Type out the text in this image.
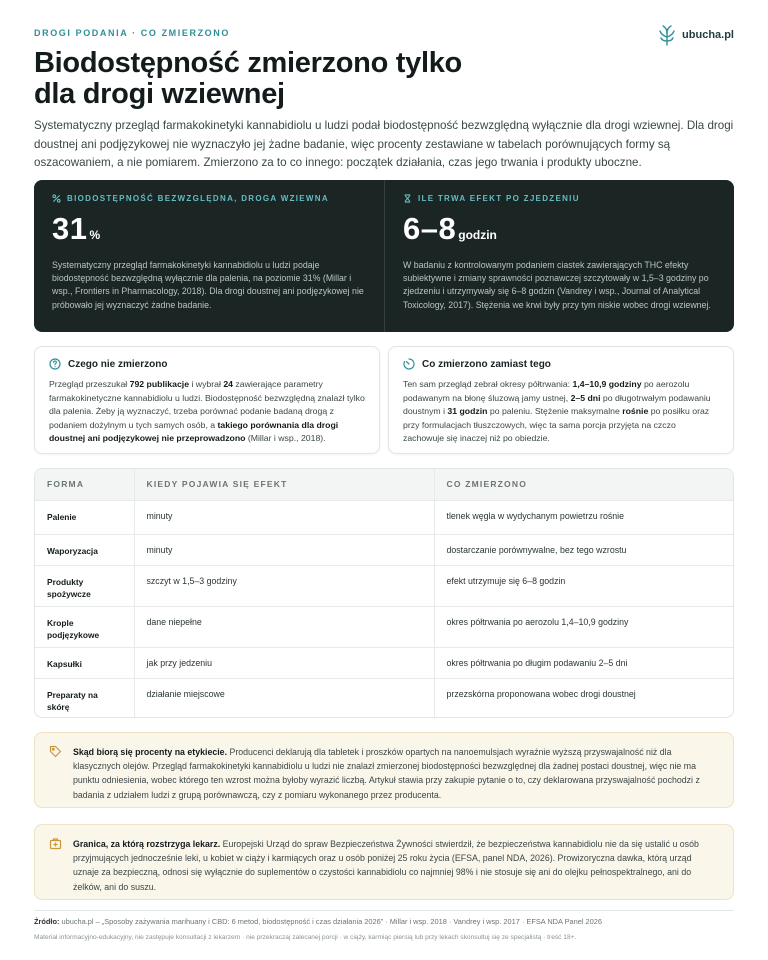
DROGI PODANIA · CO ZMIERZONO	ubucha.pl
Biodostępność zmierzono tylko dla drogi wziewnej

Systematyczny przegląd farmakokinetyki kannabidiolu u ludzi podał biodostępność bezwzględną wyłącznie dla drogi wziewnej. Dla drogi doustnej ani podjęzykowej nie wyznaczyło jej żadne badanie, więc procenty zestawiane w tabelach porównujących formy są oszacowaniem, a nie pomiarem. Zmierzono za to co innego: początek działania, czas jego trwania i produkty uboczne.

BIODOSTĘPNOŚĆ BEZWZGLĘDNA, DROGA WZIEWNA
31 %

Systematyczny przegląd farmakokinetyki kannabidiolu u ludzi podaje biodostępność bezwzględną wyłącznie dla palenia, na poziomie 31% (Millar i wsp., Frontiers in Pharmacology, 2018). Dla drogi doustnej ani podjęzykowej nie próbowało jej wyznaczyć żadne badanie.

ILE TRWA EFEKT PO ZJEDZENIU
6–8 godzin

W badaniu z kontrolowanym podaniem ciastek zawierających THC efekty subiektywne i zmiany sprawności poznawczej szczytowały w 1,5–3 godziny po zjedzeniu i utrzymywały się 6–8 godzin (Vandrey i wsp., Journal of Analytical Toxicology, 2017). Stężenia we krwi były przy tym niskie wobec drogi wziewnej.

Czego nie zmierzono

Przegląd przeszukał 792 publikacje i wybrał 24 zawierające parametry farmakokinetyczne kannabidiolu u ludzi. Biodostępność bezwzględną znalazł tylko dla palenia. Żeby ją wyznaczyć, trzeba porównać podanie badaną drogą z podaniem dożylnym u tych samych osób, a takiego porównania dla drogi doustnej ani podjęzykowej nie przeprowadzono (Millar i wsp., 2018).

Co zmierzono zamiast tego

Ten sam przegląd zebrał okresy półtrwania: 1,4–10,9 godziny po aerozolu podawanym na błonę śluzową jamy ustnej, 2–5 dni po długotrwałym podawaniu doustnym i 31 godzin po paleniu. Stężenie maksymalne rośnie po posiłku oraz przy formulacjach tłuszczowych, więc ta sama porcja przyjęta na czczo zachowuje się inaczej niż po obiedzie.

FORMA	KIEDY POJAWIA SIĘ EFEKT	CO ZMIERZONO
Palenie	minuty	tlenek węgla w wydychanym powietrzu rośnie
Waporyzacja	minuty	dostarczanie porównywalne, bez tego wzrostu
Produkty spożywcze	szczyt w 1,5–3 godziny	efekt utrzymuje się 6–8 godzin
Krople podjęzykowe	dane niepełne	okres półtrwania po aerozolu 1,4–10,9 godziny
Kapsułki	jak przy jedzeniu	okres półtrwania po długim podawaniu 2–5 dni
Preparaty na skórę	działanie miejscowe	przezskórna proponowana wobec drogi doustnej

Skąd biorą się procenty na etykiecie. Producenci deklarują dla tabletek i proszków opartych na nanoemulsjach wyraźnie wyższą przyswajalność niż dla klasycznych olejów. Przegląd farmakokinetyki kannabidiolu u ludzi nie znalazł zmierzonej biodostępności bezwzględnej dla żadnej postaci doustnej, więc nie ma punktu odniesienia, wobec którego ten wzrost można byłoby wyrazić liczbą. Artykuł stawia przy zakupie pytanie o to, czy deklarowana przyswajalność pochodzi z badania z udziałem ludzi z grupą porównawczą, czy z pomiaru wykonanego przez producenta.

Granica, za którą rozstrzyga lekarz. Europejski Urząd do spraw Bezpieczeństwa Żywności stwierdził, że bezpieczeństwa kannabidiolu nie da się ustalić u osób przyjmujących jednocześnie leki, u kobiet w ciąży i karmiących oraz u osób poniżej 25 roku życia (EFSA, panel NDA, 2026). Prowizoryczna dawka, którą urząd uznaje za bezpieczną, odnosi się wyłącznie do suplementów o czystości kannabidiolu co najmniej 98% i nie stosuje się ani do olejku pełnospektralnego, ani do żelków, ani do suszu.

Źródło: ubucha.pl – „Sposoby zażywania marihuany i CBD: 6 metod, biodostępność i czas działania 2026” · Millar i wsp. 2018 · Vandrey i wsp. 2017 · EFSA NDA Panel 2026

Materiał informacyjno-edukacyjny, nie zastępuje konsultacji z lekarzem · nie przekraczaj zalecanej porcji · w ciąży, karmiąc piersią lub przy lekach skonsultuj się ze specjalistą · treść 18+.
